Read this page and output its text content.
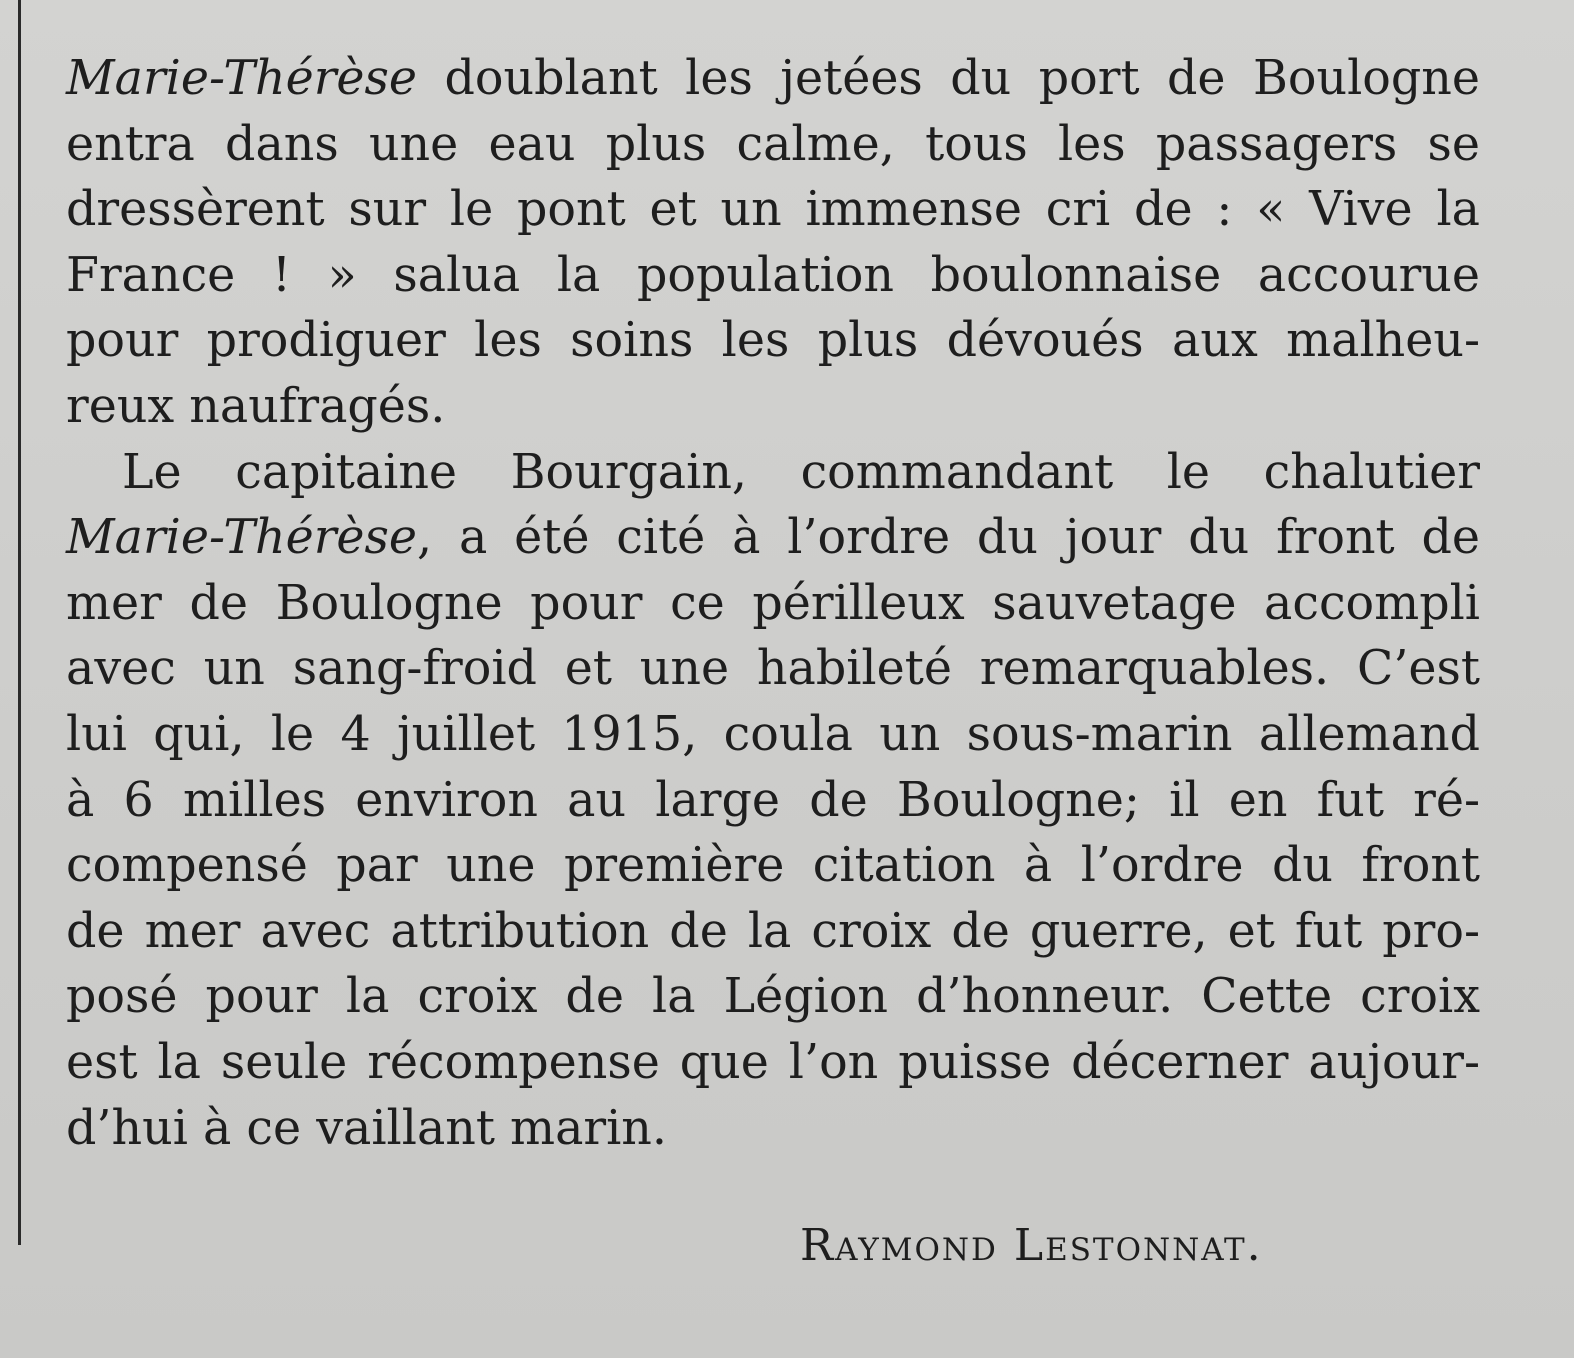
Marie-Thérèse doublant les jetées du port de Boulogne
entra dans une eau plus calme, tous les passagers se
dressèrent sur le pont et un immense cri de : « Vive la
France ! » salua la population boulonnaise accourue
pour prodiguer les soins les plus dévoués aux malheu-
reux naufragés.
Le capitaine Bourgain, commandant le chalutier
Marie-Thérèse, a été cité à l’ordre du jour du front de
mer de Boulogne pour ce périlleux sauvetage accompli
avec un sang-froid et une habileté remarquables. C’est
lui qui, le 4 juillet 1915, coula un sous-marin allemand
à 6 milles environ au large de Boulogne; il en fut ré-
compensé par une première citation à l’ordre du front
de mer avec attribution de la croix de guerre, et fut pro-
posé pour la croix de la Légion d’honneur. Cette croix
est la seule récompense que l’on puisse décerner aujour-
d’hui à ce vaillant marin.
Raymond Lestonnat.
